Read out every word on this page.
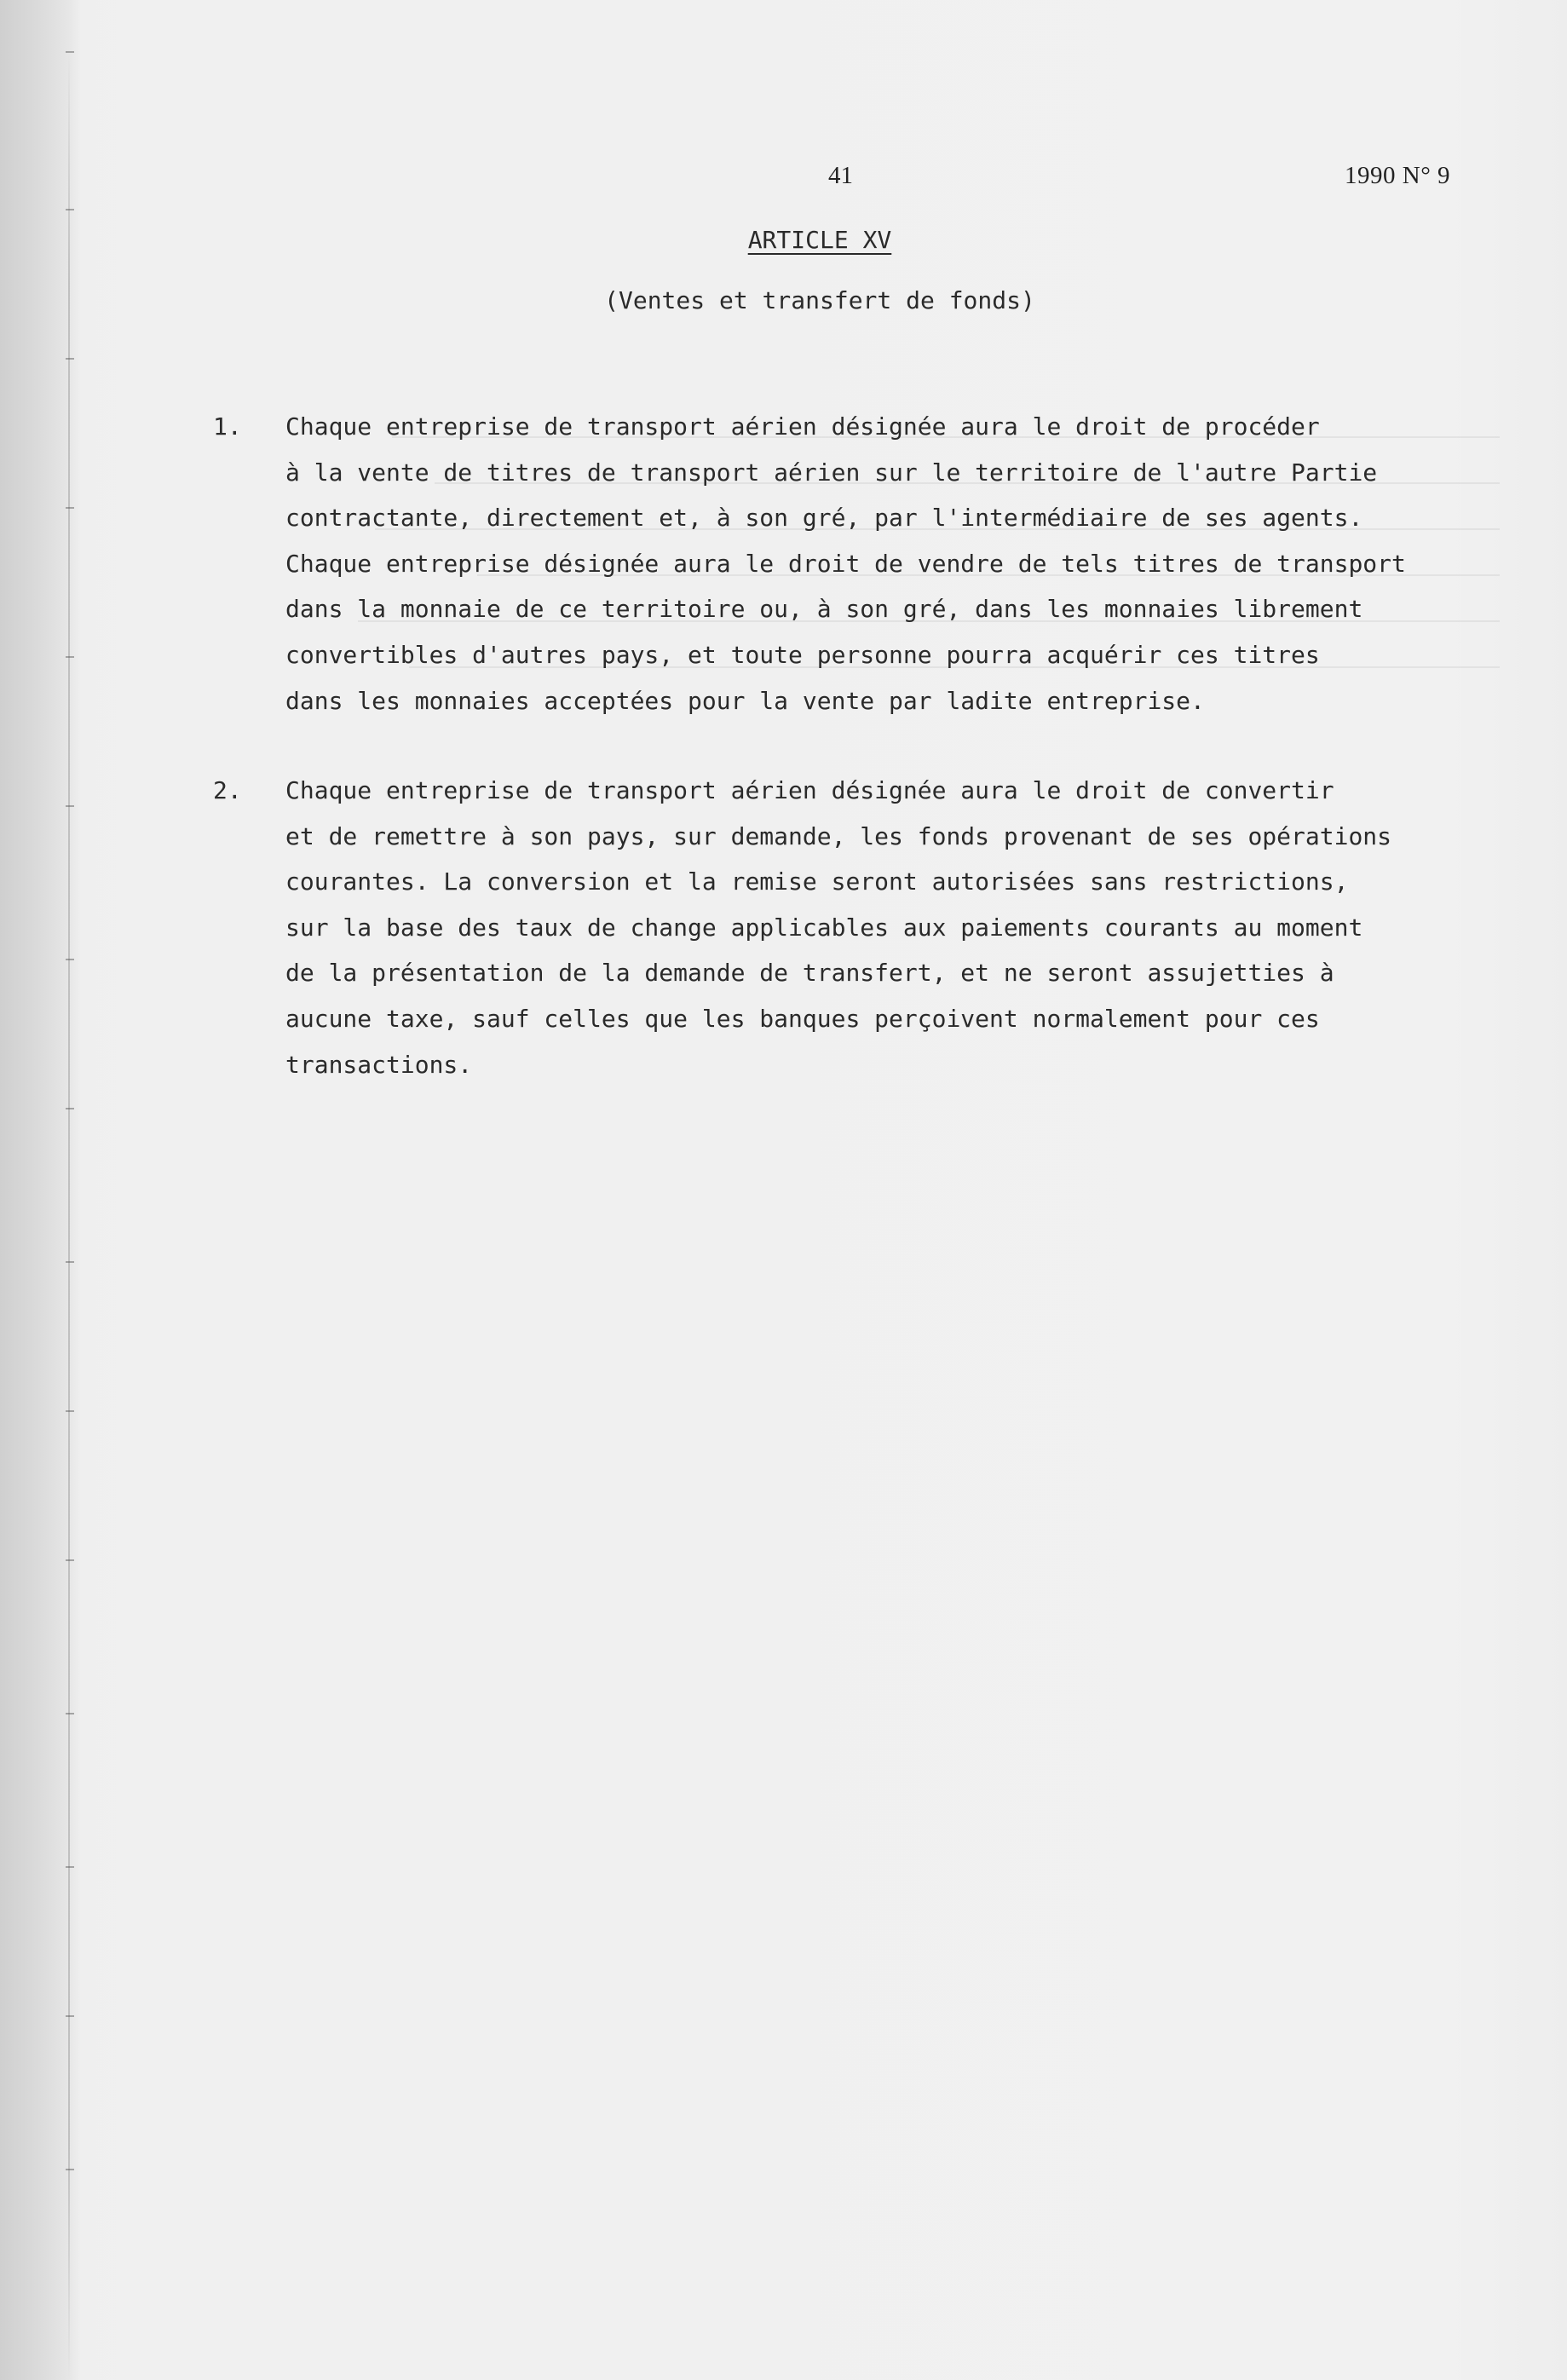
41	1990 N° 9
ARTICLE XV
(Ventes et transfert de fonds)
1. Chaque entreprise de transport aérien désignée aura le droit de procéder
à la vente de titres de transport aérien sur le territoire de l'autre Partie
contractante, directement et, à son gré, par l'intermédiaire de ses agents.
Chaque entreprise désignée aura le droit de vendre de tels titres de transport
dans la monnaie de ce territoire ou, à son gré, dans les monnaies librement
convertibles d'autres pays, et toute personne pourra acquérir ces titres
dans les monnaies acceptées pour la vente par ladite entreprise.
2. Chaque entreprise de transport aérien désignée aura le droit de convertir
et de remettre à son pays, sur demande, les fonds provenant de ses opérations
courantes. La conversion et la remise seront autorisées sans restrictions,
sur la base des taux de change applicables aux paiements courants au moment
de la présentation de la demande de transfert, et ne seront assujetties à
aucune taxe, sauf celles que les banques perçoivent normalement pour ces
transactions.
